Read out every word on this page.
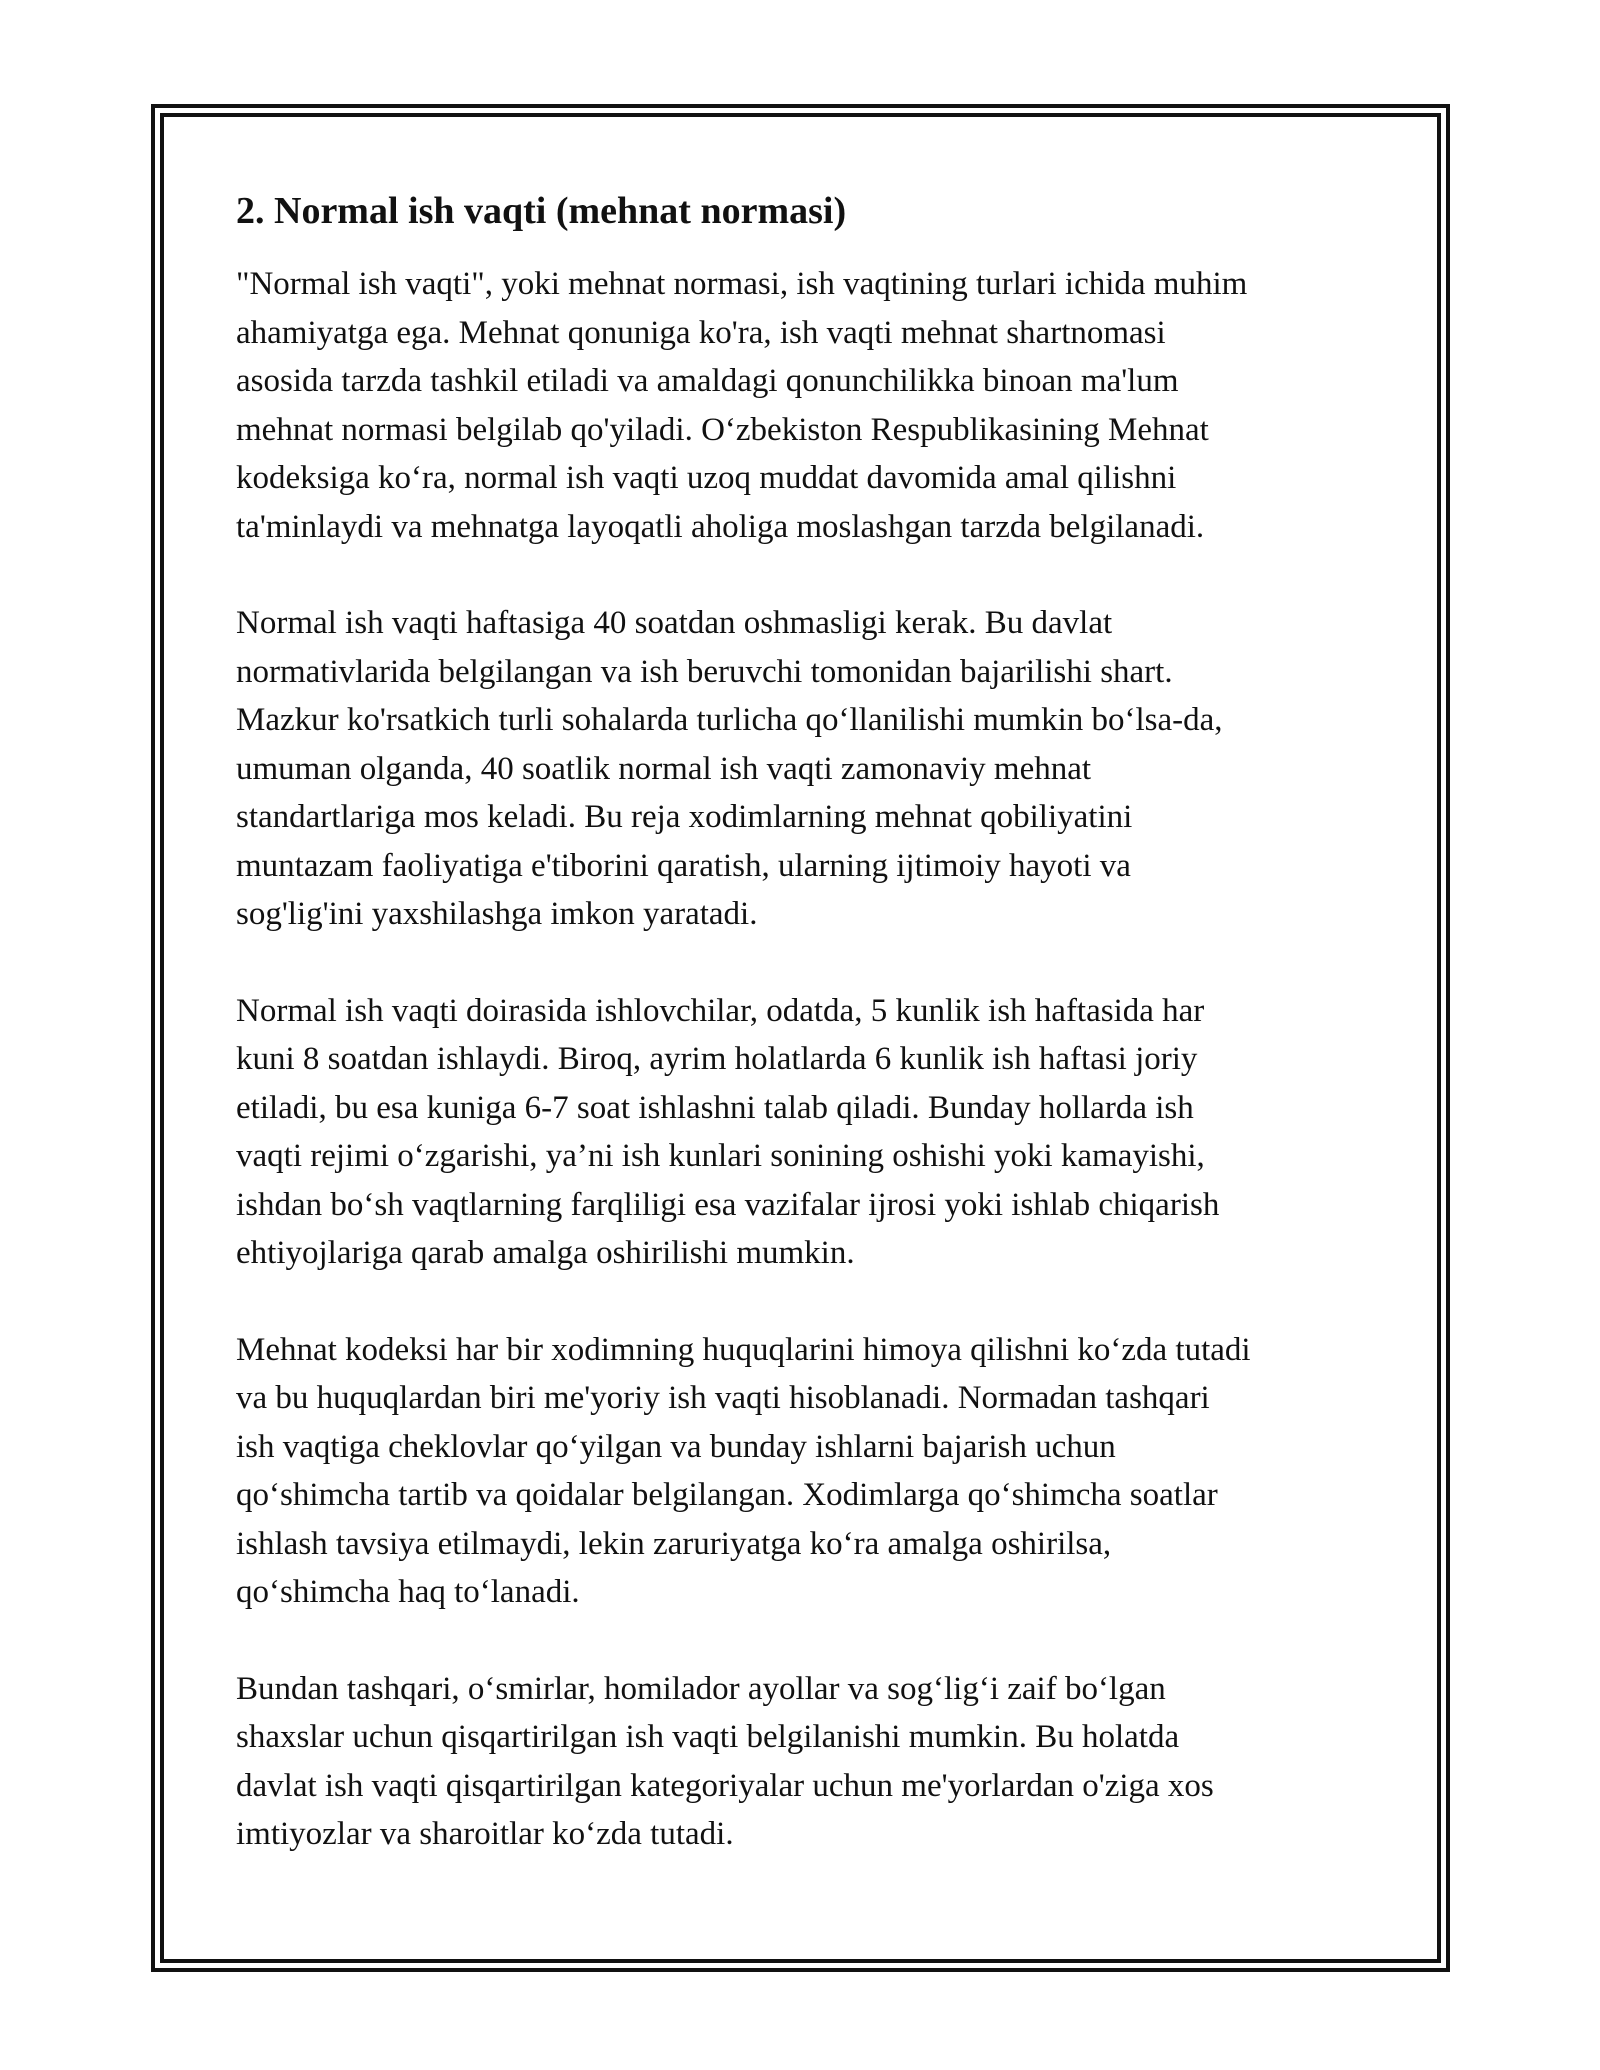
2. Normal ish vaqti (mehnat normasi)

"Normal ish vaqti", yoki mehnat normasi, ish vaqtining turlari ichida muhim
ahamiyatga ega. Mehnat qonuniga ko'ra, ish vaqti mehnat shartnomasi
asosida tarzda tashkil etiladi va amaldagi qonunchilikka binoan ma'lum
mehnat normasi belgilab qo'yiladi. O‘zbekiston Respublikasining Mehnat
kodeksiga ko‘ra, normal ish vaqti uzoq muddat davomida amal qilishni
ta'minlaydi va mehnatga layoqatli aholiga moslashgan tarzda belgilanadi.

Normal ish vaqti haftasiga 40 soatdan oshmasligi kerak. Bu davlat
normativlarida belgilangan va ish beruvchi tomonidan bajarilishi shart.
Mazkur ko'rsatkich turli sohalarda turlicha qo‘llanilishi mumkin bo‘lsa-da,
umuman olganda, 40 soatlik normal ish vaqti zamonaviy mehnat
standartlariga mos keladi. Bu reja xodimlarning mehnat qobiliyatini
muntazam faoliyatiga e'tiborini qaratish, ularning ijtimoiy hayoti va
sog'lig'ini yaxshilashga imkon yaratadi.

Normal ish vaqti doirasida ishlovchilar, odatda, 5 kunlik ish haftasida har
kuni 8 soatdan ishlaydi. Biroq, ayrim holatlarda 6 kunlik ish haftasi joriy
etiladi, bu esa kuniga 6-7 soat ishlashni talab qiladi. Bunday hollarda ish
vaqti rejimi o‘zgarishi, ya’ni ish kunlari sonining oshishi yoki kamayishi,
ishdan bo‘sh vaqtlarning farqliligi esa vazifalar ijrosi yoki ishlab chiqarish
ehtiyojlariga qarab amalga oshirilishi mumkin.

Mehnat kodeksi har bir xodimning huquqlarini himoya qilishni ko‘zda tutadi
va bu huquqlardan biri me'yoriy ish vaqti hisoblanadi. Normadan tashqari
ish vaqtiga cheklovlar qo‘yilgan va bunday ishlarni bajarish uchun
qo‘shimcha tartib va qoidalar belgilangan. Xodimlarga qo‘shimcha soatlar
ishlash tavsiya etilmaydi, lekin zaruriyatga ko‘ra amalga oshirilsa,
qo‘shimcha haq to‘lanadi.

Bundan tashqari, o‘smirlar, homilador ayollar va sog‘lig‘i zaif bo‘lgan
shaxslar uchun qisqartirilgan ish vaqti belgilanishi mumkin. Bu holatda
davlat ish vaqti qisqartirilgan kategoriyalar uchun me'yorlardan o'ziga xos
imtiyozlar va sharoitlar ko‘zda tutadi.
